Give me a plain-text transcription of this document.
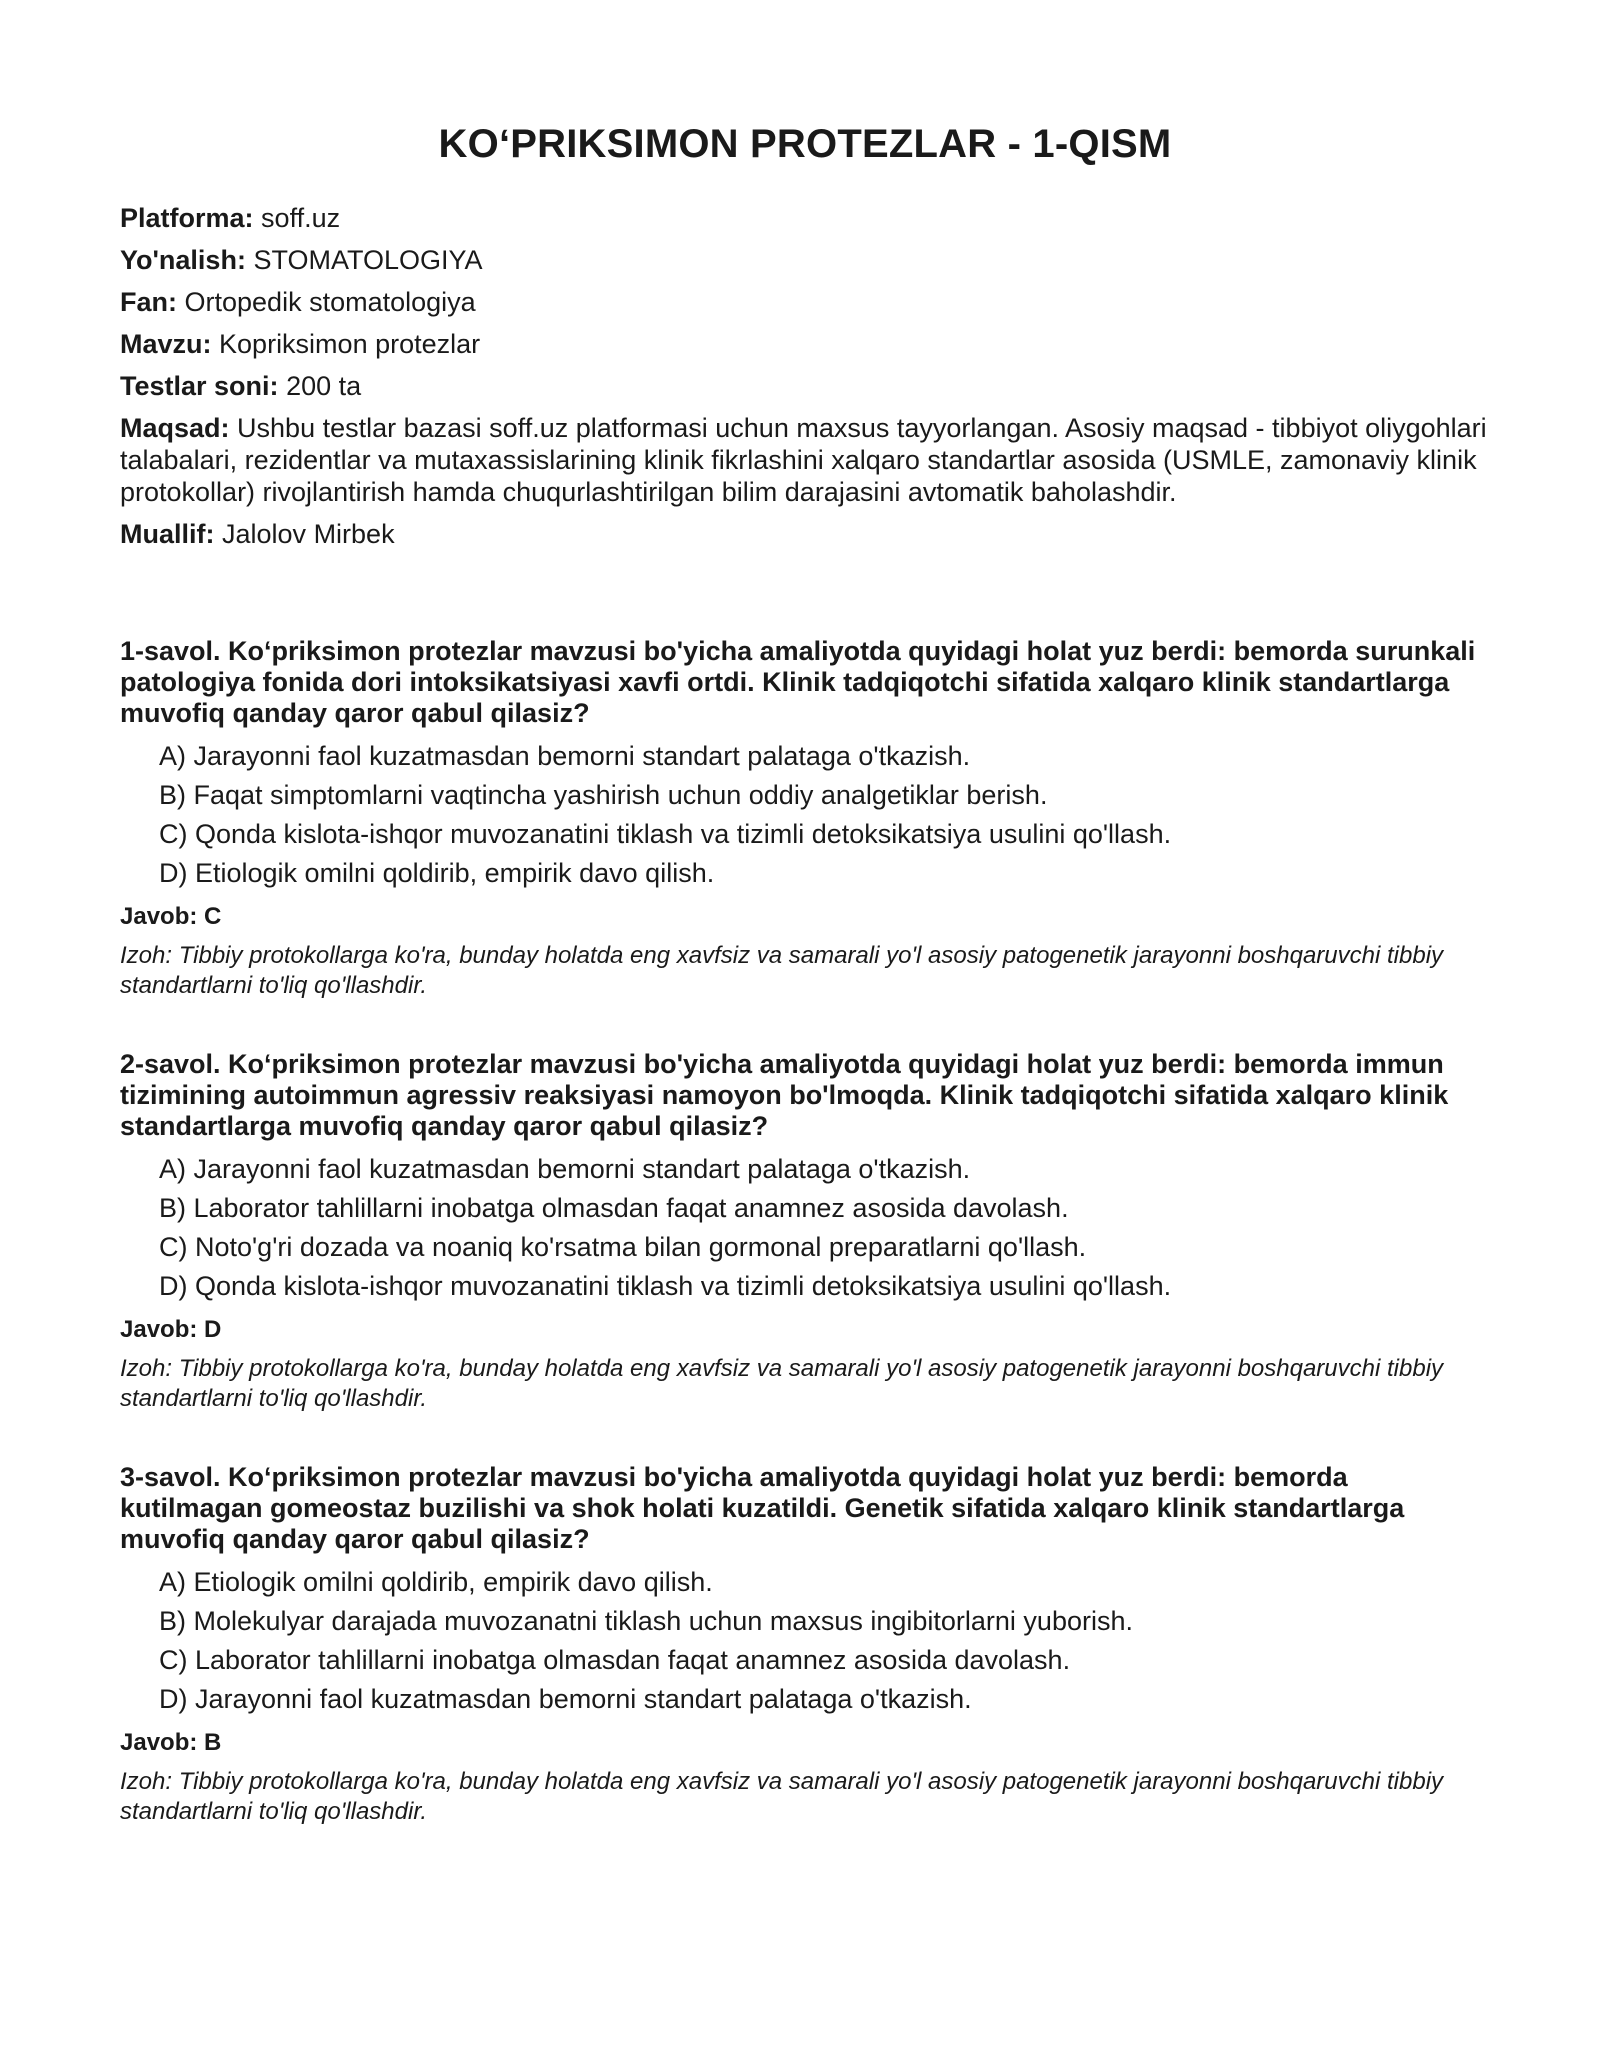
KO‘PRIKSIMON PROTEZLAR - 1-QISM

Platforma: soff.uz

Yo'nalish: STOMATOLOGIYA

Fan: Ortopedik stomatologiya

Mavzu: Kopriksimon protezlar

Testlar soni: 200 ta

Maqsad: Ushbu testlar bazasi soff.uz platformasi uchun maxsus tayyorlangan. Asosiy maqsad - tibbiyot oliygohlari talabalari, rezidentlar va mutaxassislarining klinik fikrlashini xalqaro standartlar asosida (USMLE, zamonaviy klinik protokollar) rivojlantirish hamda chuqurlashtirilgan bilim darajasini avtomatik baholashdir.

Muallif: Jalolov Mirbek

1-savol. Ko‘priksimon protezlar mavzusi bo'yicha amaliyotda quyidagi holat yuz berdi: bemorda surunkali patologiya fonida dori intoksikatsiyasi xavfi ortdi. Klinik tadqiqotchi sifatida xalqaro klinik standartlarga muvofiq qanday qaror qabul qilasiz?

A) Jarayonni faol kuzatmasdan bemorni standart palataga o'tkazish.
B) Faqat simptomlarni vaqtincha yashirish uchun oddiy analgetiklar berish.
C) Qonda kislota-ishqor muvozanatini tiklash va tizimli detoksikatsiya usulini qo'llash.
D) Etiologik omilni qoldirib, empirik davo qilish.

Javob: C

Izoh: Tibbiy protokollarga ko'ra, bunday holatda eng xavfsiz va samarali yo'l asosiy patogenetik jarayonni boshqaruvchi tibbiy standartlarni to'liq qo'llashdir.

2-savol. Ko‘priksimon protezlar mavzusi bo'yicha amaliyotda quyidagi holat yuz berdi: bemorda immun tizimining autoimmun agressiv reaksiyasi namoyon bo'lmoqda. Klinik tadqiqotchi sifatida xalqaro klinik standartlarga muvofiq qanday qaror qabul qilasiz?

A) Jarayonni faol kuzatmasdan bemorni standart palataga o'tkazish.
B) Laborator tahlillarni inobatga olmasdan faqat anamnez asosida davolash.
C) Noto'g'ri dozada va noaniq ko'rsatma bilan gormonal preparatlarni qo'llash.
D) Qonda kislota-ishqor muvozanatini tiklash va tizimli detoksikatsiya usulini qo'llash.

Javob: D

Izoh: Tibbiy protokollarga ko'ra, bunday holatda eng xavfsiz va samarali yo'l asosiy patogenetik jarayonni boshqaruvchi tibbiy standartlarni to'liq qo'llashdir.

3-savol. Ko‘priksimon protezlar mavzusi bo'yicha amaliyotda quyidagi holat yuz berdi: bemorda kutilmagan gomeostaz buzilishi va shok holati kuzatildi. Genetik sifatida xalqaro klinik standartlarga muvofiq qanday qaror qabul qilasiz?

A) Etiologik omilni qoldirib, empirik davo qilish.
B) Molekulyar darajada muvozanatni tiklash uchun maxsus ingibitorlarni yuborish.
C) Laborator tahlillarni inobatga olmasdan faqat anamnez asosida davolash.
D) Jarayonni faol kuzatmasdan bemorni standart palataga o'tkazish.

Javob: B

Izoh: Tibbiy protokollarga ko'ra, bunday holatda eng xavfsiz va samarali yo'l asosiy patogenetik jarayonni boshqaruvchi tibbiy standartlarni to'liq qo'llashdir.
